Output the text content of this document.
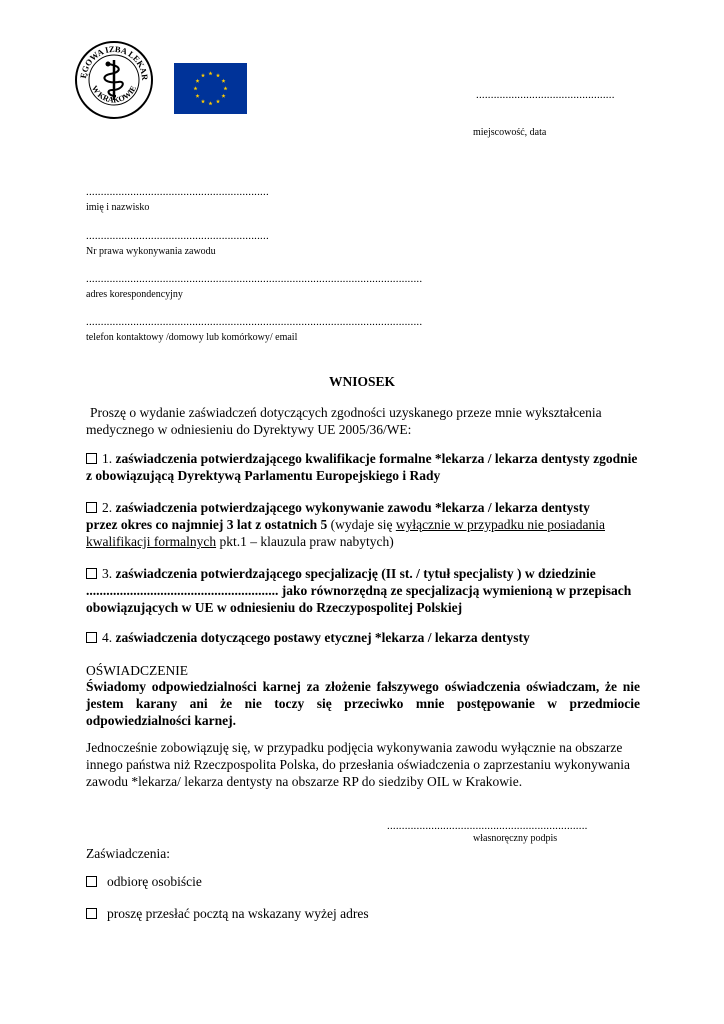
ĘGOWA IZBA LEKAR
W KRAKOWIE
...............................................
miejscowość, data
..............................................................
imię i nazwisko
..............................................................
Nr prawa wykonywania zawodu
..................................................................................................................
adres korespondencyjny
..................................................................................................................
telefon kontaktowy /domowy lub komórkowy/ email
WNIOSEK
Proszę o wydanie zaświadczeń dotyczących zgodności uzyskanego przeze mnie wykształcenia medycznego w odniesieniu do Dyrektywy UE 2005/36/WE:
1. zaświadczenia potwierdzającego kwalifikacje formalne *lekarza / lekarza dentysty zgodnie z obowiązującą Dyrektywą Parlamentu Europejskiego i Rady
2. zaświadczenia potwierdzającego wykonywanie zawodu *lekarza / lekarza dentysty
przez okres co najmniej 3 lat z ostatnich 5 (wydaje się wyłącznie w przypadku nie posiadania
kwalifikacji formalnych pkt.1 – klauzula praw nabytych)
3. zaświadczenia potwierdzającego specjalizację (II st. / tytuł specjalisty ) w dziedzinie
......................................................... jako równorzędną ze specjalizacją wymienioną w przepisach obowiązujących w UE w odniesieniu do Rzeczypospolitej Polskiej
4. zaświadczenia dotyczącego postawy etycznej *lekarza / lekarza dentysty
OŚWIADCZENIE
Świadomy odpowiedzialności karnej za złożenie fałszywego oświadczenia oświadczam, że nie jestem karany ani że nie toczy się przeciwko mnie postępowanie w przedmiocie odpowiedzialności karnej.
Jednocześnie zobowiązuję się, w przypadku podjęcia wykonywania zawodu wyłącznie na obszarze innego państwa niż Rzeczpospolita Polska, do przesłania oświadczenia o zaprzestaniu wykonywania zawodu *lekarza/ lekarza dentysty na obszarze RP do siedziby OIL w Krakowie.
....................................................................
własnoręczny podpis
Zaświadczenia:
odbiorę osobiście
proszę przesłać pocztą na wskazany wyżej adres
